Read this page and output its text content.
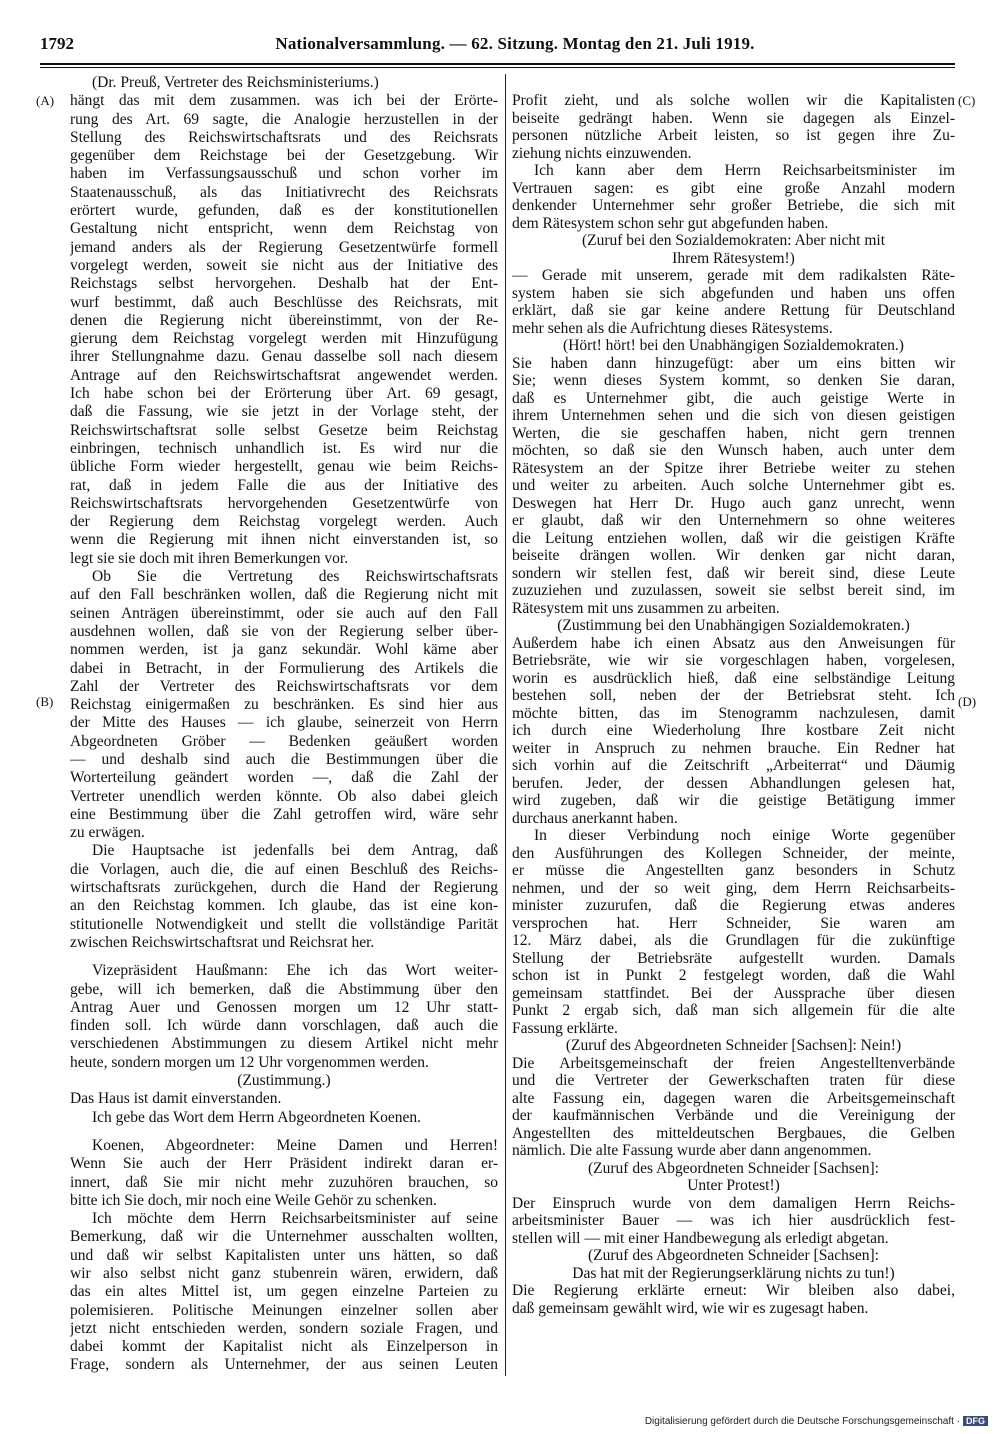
1792	Nationalversammlung. — 62. Sitzung. Montag den 21. Juli 1919.
(A)
(B)
(C)
(D)
(Dr. Preuß, Vertreter des Reichsministeriums.)
hängt das mit dem zusammen. was ich bei der Erörte-
rung des Art. 69 sagte, die Analogie herzustellen in der
Stellung des Reichswirtschaftsrats und des Reichsrats
gegenüber dem Reichstage bei der Gesetzgebung. Wir
haben im Verfassungsausschuß und schon vorher im
Staatenausschuß, als das Initiativrecht des Reichsrats
erörtert wurde, gefunden, daß es der konstitutionellen
Gestaltung nicht entspricht, wenn dem Reichstag von
jemand anders als der Regierung Gesetzentwürfe formell
vorgelegt werden, soweit sie nicht aus der Initiative des
Reichstags selbst hervorgehen. Deshalb hat der Ent-
wurf bestimmt, daß auch Beschlüsse des Reichsrats, mit
denen die Regierung nicht übereinstimmt, von der Re-
gierung dem Reichstag vorgelegt werden mit Hinzufügung
ihrer Stellungnahme dazu. Genau dasselbe soll nach diesem
Antrage auf den Reichswirtschaftsrat angewendet werden.
Ich habe schon bei der Erörterung über Art. 69 gesagt,
daß die Fassung, wie sie jetzt in der Vorlage steht, der
Reichswirtschaftsrat solle selbst Gesetze beim Reichstag
einbringen, technisch unhandlich ist. Es wird nur die
übliche Form wieder hergestellt, genau wie beim Reichs-
rat, daß in jedem Falle die aus der Initiative des
Reichswirtschaftsrats hervorgehenden Gesetzentwürfe von
der Regierung dem Reichstag vorgelegt werden. Auch
wenn die Regierung mit ihnen nicht einverstanden ist, so
legt sie sie doch mit ihren Bemerkungen vor.
Ob Sie die Vertretung des Reichswirtschaftsrats
auf den Fall beschränken wollen, daß die Regierung nicht mit
seinen Anträgen übereinstimmt, oder sie auch auf den Fall
ausdehnen wollen, daß sie von der Regierung selber über-
nommen werden, ist ja ganz sekundär. Wohl käme aber
dabei in Betracht, in der Formulierung des Artikels die
Zahl der Vertreter des Reichswirtschaftsrats vor dem
Reichstag einigermaßen zu beschränken. Es sind hier aus
der Mitte des Hauses — ich glaube, seinerzeit von Herrn
Abgeordneten Gröber — Bedenken geäußert worden
— und deshalb sind auch die Bestimmungen über die
Worterteilung geändert worden —, daß die Zahl der
Vertreter unendlich werden könnte. Ob also dabei gleich
eine Bestimmung über die Zahl getroffen wird, wäre sehr
zu erwägen.
Die Hauptsache ist jedenfalls bei dem Antrag, daß
die Vorlagen, auch die, die auf einen Beschluß des Reichs-
wirtschaftsrats zurückgehen, durch die Hand der Regierung
an den Reichstag kommen. Ich glaube, das ist eine kon-
stitutionelle Notwendigkeit und stellt die vollständige Parität
zwischen Reichswirtschaftsrat und Reichsrat her.
Vizepräsident Haußmann: Ehe ich das Wort weiter-
gebe, will ich bemerken, daß die Abstimmung über den
Antrag Auer und Genossen morgen um 12 Uhr statt-
finden soll. Ich würde dann vorschlagen, daß auch die
verschiedenen Abstimmungen zu diesem Artikel nicht mehr
heute, sondern morgen um 12 Uhr vorgenommen werden.
(Zustimmung.)
Das Haus ist damit einverstanden.
Ich gebe das Wort dem Herrn Abgeordneten Koenen.
Koenen, Abgeordneter: Meine Damen und Herren!
Wenn Sie auch der Herr Präsident indirekt daran er-
innert, daß Sie mir nicht mehr zuzuhören brauchen, so
bitte ich Sie doch, mir noch eine Weile Gehör zu schenken.
Ich möchte dem Herrn Reichsarbeitsminister auf seine
Bemerkung, daß wir die Unternehmer ausschalten wollten,
und daß wir selbst Kapitalisten unter uns hätten, so daß
wir also selbst nicht ganz stubenrein wären, erwidern, daß
das ein altes Mittel ist, um gegen einzelne Parteien zu
polemisieren. Politische Meinungen einzelner sollen aber
jetzt nicht entschieden werden, sondern soziale Fragen, und
dabei kommt der Kapitalist nicht als Einzelperson in
Frage, sondern als Unternehmer, der aus seinen Leuten
Profit zieht, und als solche wollen wir die Kapitalisten
beiseite gedrängt haben. Wenn sie dagegen als Einzel-
personen nützliche Arbeit leisten, so ist gegen ihre Zu-
ziehung nichts einzuwenden.
Ich kann aber dem Herrn Reichsarbeitsminister im
Vertrauen sagen: es gibt eine große Anzahl modern
denkender Unternehmer sehr großer Betriebe, die sich mit
dem Rätesystem schon sehr gut abgefunden haben.
(Zuruf bei den Sozialdemokraten: Aber nicht mit
Ihrem Rätesystem!)
— Gerade mit unserem, gerade mit dem radikalsten Räte-
system haben sie sich abgefunden und haben uns offen
erklärt, daß sie gar keine andere Rettung für Deutschland
mehr sehen als die Aufrichtung dieses Rätesystems.
(Hört! hört! bei den Unabhängigen Sozialdemokraten.)
Sie haben dann hinzugefügt: aber um eins bitten wir
Sie; wenn dieses System kommt, so denken Sie daran,
daß es Unternehmer gibt, die auch geistige Werte in
ihrem Unternehmen sehen und die sich von diesen geistigen
Werten, die sie geschaffen haben, nicht gern trennen
möchten, so daß sie den Wunsch haben, auch unter dem
Rätesystem an der Spitze ihrer Betriebe weiter zu stehen
und weiter zu arbeiten. Auch solche Unternehmer gibt es.
Deswegen hat Herr Dr. Hugo auch ganz unrecht, wenn
er glaubt, daß wir den Unternehmern so ohne weiteres
die Leitung entziehen wollen, daß wir die geistigen Kräfte
beiseite drängen wollen. Wir denken gar nicht daran,
sondern wir stellen fest, daß wir bereit sind, diese Leute
zuzuziehen und zuzulassen, soweit sie selbst bereit sind, im
Rätesystem mit uns zusammen zu arbeiten.
(Zustimmung bei den Unabhängigen Sozialdemokraten.)
Außerdem habe ich einen Absatz aus den Anweisungen für
Betriebsräte, wie wir sie vorgeschlagen haben, vorgelesen,
worin es ausdrücklich hieß, daß eine selbständige Leitung
bestehen soll, neben der der Betriebsrat steht. Ich
möchte bitten, das im Stenogramm nachzulesen, damit
ich durch eine Wiederholung Ihre kostbare Zeit nicht
weiter in Anspruch zu nehmen brauche. Ein Redner hat
sich vorhin auf die Zeitschrift „Arbeiterrat“ und Däumig
berufen. Jeder, der dessen Abhandlungen gelesen hat,
wird zugeben, daß wir die geistige Betätigung immer
durchaus anerkannt haben.
In dieser Verbindung noch einige Worte gegenüber
den Ausführungen des Kollegen Schneider, der meinte,
er müsse die Angestellten ganz besonders in Schutz
nehmen, und der so weit ging, dem Herrn Reichsarbeits-
minister zuzurufen, daß die Regierung etwas anderes
versprochen hat. Herr Schneider, Sie waren am
12. März dabei, als die Grundlagen für die zukünftige
Stellung der Betriebsräte aufgestellt wurden. Damals
schon ist in Punkt 2 festgelegt worden, daß die Wahl
gemeinsam stattfindet. Bei der Aussprache über diesen
Punkt 2 ergab sich, daß man sich allgemein für die alte
Fassung erklärte.
(Zuruf des Abgeordneten Schneider [Sachsen]: Nein!)
Die Arbeitsgemeinschaft der freien Angestelltenverbände
und die Vertreter der Gewerkschaften traten für diese
alte Fassung ein, dagegen waren die Arbeitsgemeinschaft
der kaufmännischen Verbände und die Vereinigung der
Angestellten des mitteldeutschen Bergbaues, die Gelben
nämlich. Die alte Fassung wurde aber dann angenommen.
(Zuruf des Abgeordneten Schneider [Sachsen]:
Unter Protest!)
Der Einspruch wurde von dem damaligen Herrn Reichs-
arbeitsminister Bauer — was ich hier ausdrücklich fest-
stellen will — mit einer Handbewegung als erledigt abgetan.
(Zuruf des Abgeordneten Schneider [Sachsen]:
Das hat mit der Regierungserklärung nichts zu tun!)
Die Regierung erklärte erneut: Wir bleiben also dabei,
daß gemeinsam gewählt wird, wie wir es zugesagt haben.
Digitalisierung gefördert durch die Deutsche Forschungsgemeinschaft · DFG
